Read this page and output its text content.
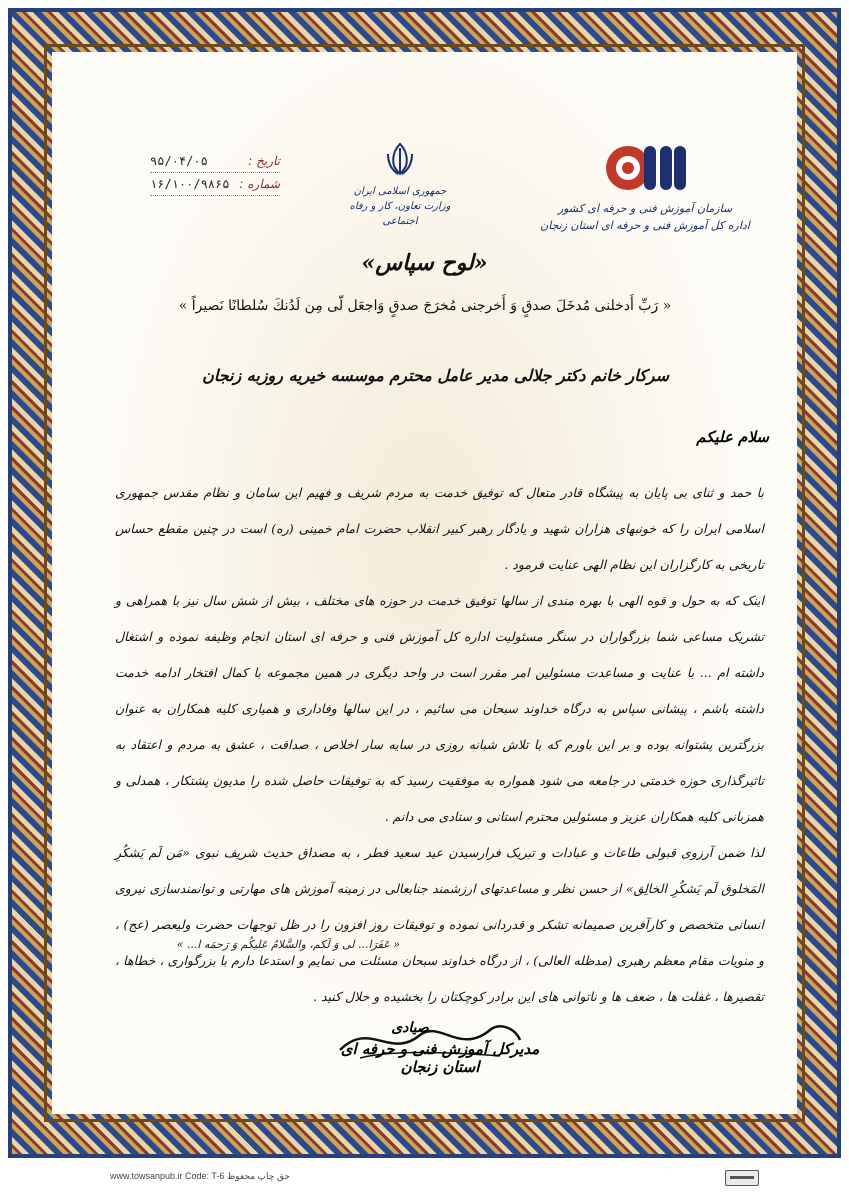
تاریخ :
۹۵/۰۴/۰۵
شماره :
۱۶/۱۰۰/۹۸۶۵
جمهوری اسلامی ایران
وزارت تعاون، کار و رفاه اجتماعی
سازمان آموزش فنی و حرفه ای کشور
اداره کل آموزش فنی و حرفه ای استان زنجان
«لوح سپاس»
« رَبِّ أَدخلنی مُدخَلَ صدقٍ وَ أَخرجنی مُخرَجَ صدقٍ وَاجعَل لّی مِن لَدُنكَ سُلطانًا نَصیراً »
سرکار خانم دکتر جلالی مدیر عامل محترم موسسه خیریه روزبه زنجان
سلام علیکم

با حمد و ثنای بی پایان به پیشگاه قادر متعال که توفیق خدمت به مردم شریف و فهیم این سامان و نظام مقدس جمهوری اسلامی ایران را که خونبهای هزاران شهید و یادگار رهبر کبیر انقلاب حضرت امام خمینی (ره) است در چنین مقطع حساس تاریخی به کارگزاران این نظام الهی عنایت فرمود .

اینک که به حول و قوه الهی با بهره مندی از سالها توفیق خدمت در حوزه های مختلف ، بیش از شش سال نیز با همراهی و تشریک مساعی شما بزرگواران در سنگر مسئولیت اداره کل آموزش فنی و حرفه ای استان انجام وظیفه نموده و اشتغال داشته ام ... با عنایت و مساعدت مسئولین امر مقرر است در واحد دیگری در همین مجموعه با کمال افتخار ادامه خدمت داشته باشم ، پیشانی سپاس به درگاه خداوند سبحان می سائیم ، در این سالها وفاداری و همیاری کلیه همکاران به عنوان بزرگترین پشتوانه بوده و بر این باورم که با تلاش شبانه روزی در سایه سار اخلاص ، صداقت ، عشق به مردم و اعتقاد به تاثیرگذاری حوزه خدمتی در جامعه می شود همواره به موفقیت رسید که به توفیقات حاصل شده را مدیون پشتکار ، همدلی و همزبانی کلیه همکاران عزیز و مسئولین محترم استانی و ستادی می دانم .

لذا ضمن آرزوی قبولی طاعات و عبادات و تبریک فرارسیدن عید سعید فطر ، به مصداق حدیث شریف نبوی «مَن لَم یَشکُرِ المَخلوق لَم یَشکُرِ الخالِق» از حسن نظر و مساعدتهای ارزشمند جنابعالی در زمینه آموزش های مهارتی و توانمندسازی نیروی انسانی متخصص و کارآفرین صمیمانه تشکر و قدردانی نموده و توفیقات روز افزون را در ظل توجهات حضرت ولیعصر (عج) ، و منویات مقام معظم رهبری (مدظله العالی) ، از درگاه خداوند سبحان مسئلت می نمایم و استدعا دارم با بزرگواری ، خطاها ، تقصیرها ، غفلت ها ، ضعف ها و ناتوانی های این برادر کوچکتان را بخشیده و حلال کنید .

« عَفَرَا... لی وَ لَکم، والسَّلامُ عَلیکُم وَ رَحمَه ا... »
صیادی
مدیرکل آموزش فنی و حرفه ای استان زنجان
www.towsanpub.ir Code: T-6 حق چاپ محفوظ
